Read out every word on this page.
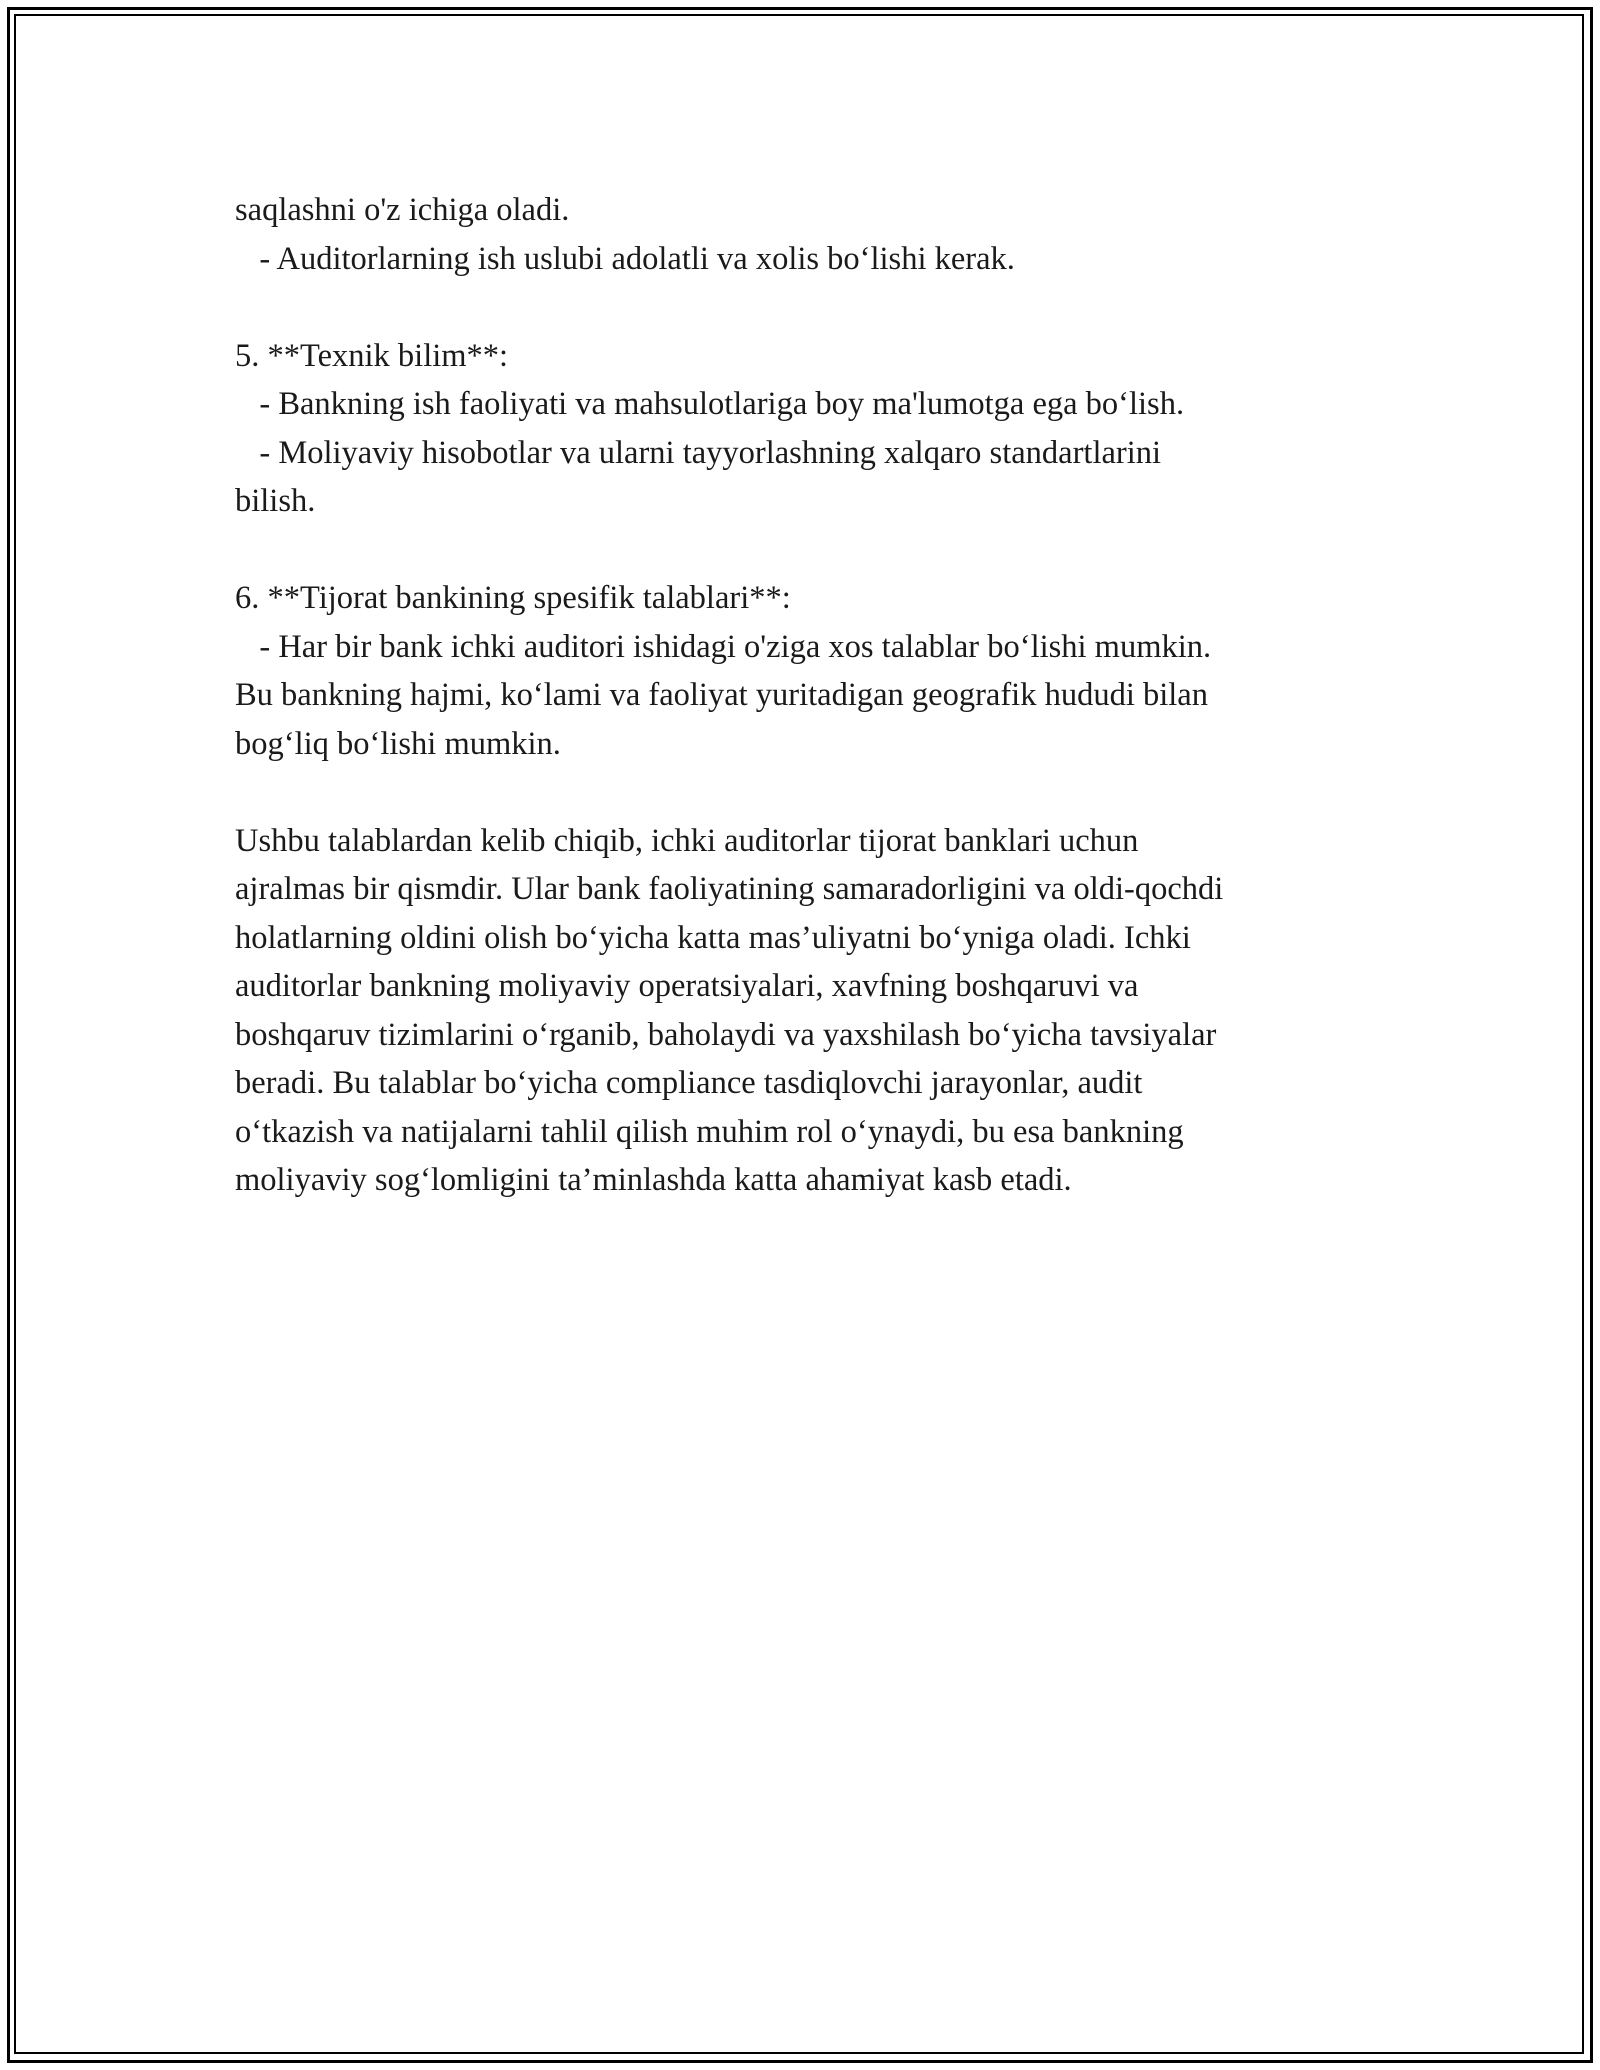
saqlashni o'z ichiga oladi.
- Auditorlarning ish uslubi adolatli va xolis bo‘lishi kerak.
5. **Texnik bilim**:
- Bankning ish faoliyati va mahsulotlariga boy ma'lumotga ega bo‘lish.
- Moliyaviy hisobotlar va ularni tayyorlashning xalqaro standartlarini
bilish.
6. **Tijorat bankining spesifik talablari**:
- Har bir bank ichki auditori ishidagi o'ziga xos talablar bo‘lishi mumkin.
Bu bankning hajmi, ko‘lami va faoliyat yuritadigan geografik hududi bilan
bog‘liq bo‘lishi mumkin.
Ushbu talablardan kelib chiqib, ichki auditorlar tijorat banklari uchun
ajralmas bir qismdir. Ular bank faoliyatining samaradorligini va oldi-qochdi
holatlarning oldini olish bo‘yicha katta mas’uliyatni bo‘yniga oladi. Ichki
auditorlar bankning moliyaviy operatsiyalari, xavfning boshqaruvi va
boshqaruv tizimlarini o‘rganib, baholaydi va yaxshilash bo‘yicha tavsiyalar
beradi. Bu talablar bo‘yicha compliance tasdiqlovchi jarayonlar, audit
o‘tkazish va natijalarni tahlil qilish muhim rol o‘ynaydi, bu esa bankning
moliyaviy sog‘lomligini ta’minlashda katta ahamiyat kasb etadi.
